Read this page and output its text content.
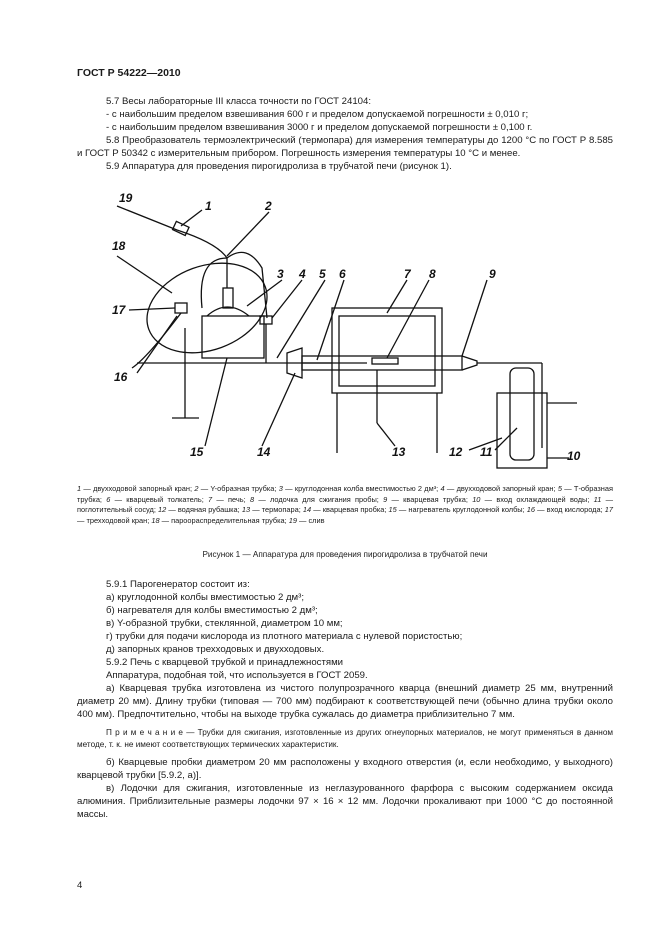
ГОСТ Р 54222—2010

5.7 Весы лабораторные III класса точности по ГОСТ 24104:

- с наибольшим пределом взвешивания 600 г и пределом допускаемой погрешности ± 0,010 г;

- с наибольшим пределом взвешивания 3000 г и пределом допускаемой погрешности ± 0,100 г.

5.8 Преобразователь термоэлектрический (термопара) для измерения температуры до 1200 °С по ГОСТ Р 8.585 и ГОСТ Р 50342 с измерительным прибором. Погрешность измерения температуры 10 °С и менее.

5.9 Аппаратура для проведения пирогидролиза в трубчатой печи (рисунок 1).

19
1	2
3 4 5 6	7 8	9
18
17
16
15	14	13	12 11	10
1 — двухходовой запорный кран; 2 — Y-образная трубка; 3 — круглодонная колба вместимостью 2 дм³; 4 — двухходовой запорный кран; 5 — Т-образная трубка; 6 — кварцевый толкатель; 7 — печь; 8 — лодочка для сжигания пробы; 9 — кварцевая трубка; 10 — вход охлаждающей воды; 11 — поглотительный сосуд; 12 — водяная рубашка; 13 — термопара; 14 — кварцевая пробка; 15 — нагреватель круглодонной колбы; 16 — вход кислорода; 17 — трехходовой кран; 18 — пароораспределительная трубка; 19 — слив
Рисунок 1 — Аппаратура для проведения пирогидролиза в трубчатой печи

5.9.1 Парогенератор состоит из:

а) круглодонной колбы вместимостью 2 дм³;

б) нагревателя для колбы вместимостью 2 дм³;

в) Y-образной трубки, стеклянной, диаметром 10 мм;

г) трубки для подачи кислорода из плотного материала с нулевой пористостью;

д) запорных кранов трехходовых и двухходовых.

5.9.2 Печь с кварцевой трубкой и принадлежностями

Аппаратура, подобная той, что используется в ГОСТ 2059.

а) Кварцевая трубка изготовлена из чистого полупрозрачного кварца (внешний диаметр 25 мм, внутренний диаметр 20 мм). Длину трубки (типовая — 700 мм) подбирают к соответствующей печи (обычно длина трубки около 400 мм). Предпочтительно, чтобы на выходе трубка сужалась до диаметра приблизительно 7 мм.

П р и м е ч а н и е — Трубки для сжигания, изготовленные из других огнеупорных материалов, не могут применяться в данном методе, т. к. не имеют соответствующих термических характеристик.

б) Кварцевые пробки диаметром 20 мм расположены у входного отверстия (и, если необходимо, у выходного) кварцевой трубки [5.9.2, а)].

в) Лодочки для сжигания, изготовленные из неглазурованного фарфора с высоким содержанием оксида алюминия. Приблизительные размеры лодочки 97 × 16 × 12 мм. Лодочки прокаливают при 1000 °С до постоянной массы.

4
